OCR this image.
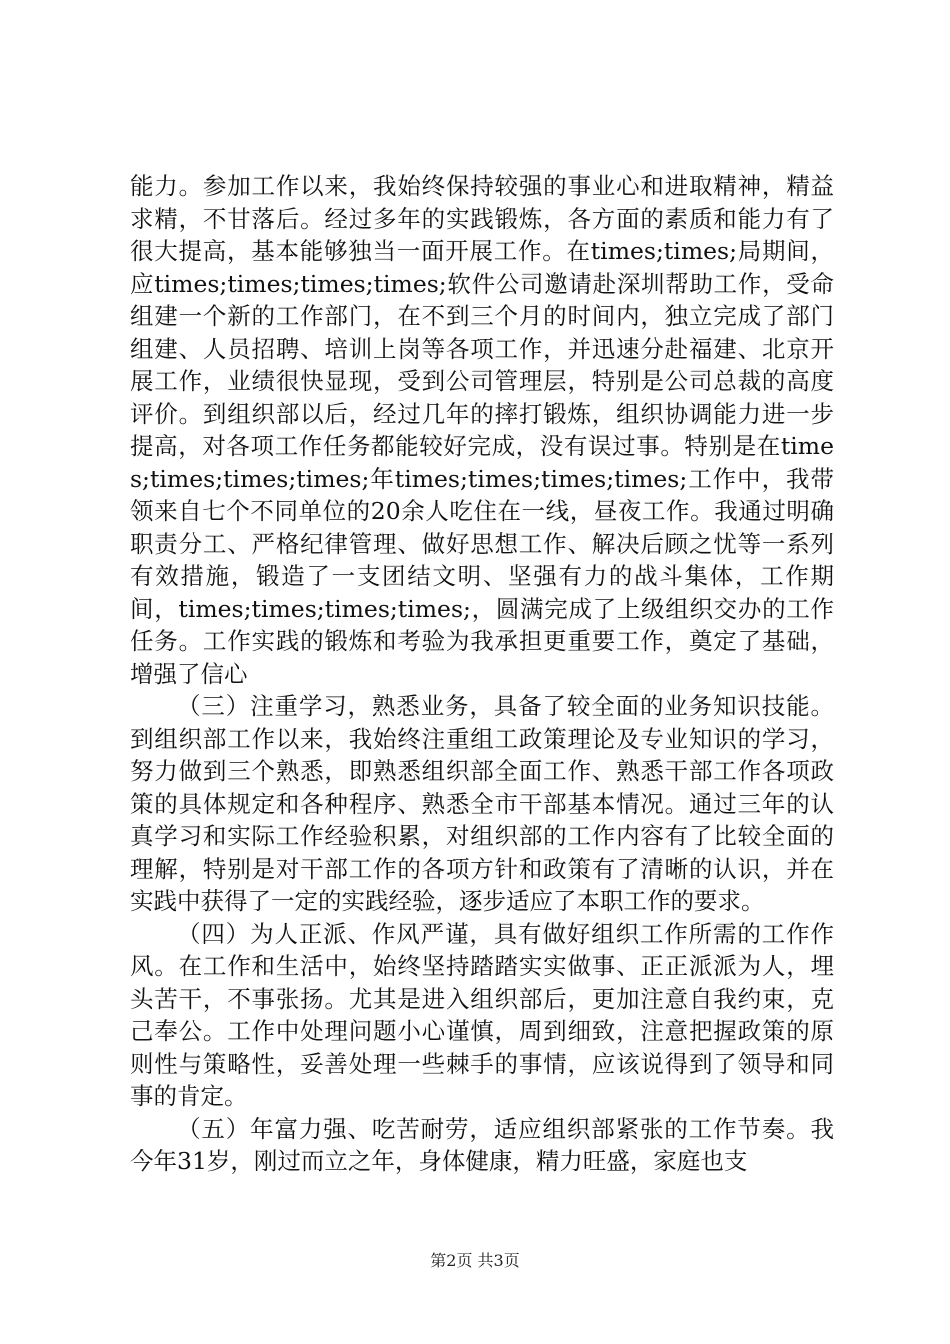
能力。参加工作以来，我始终保持较强的事业心和进取精神，精益求精，不甘落后。经过多年的实践锻炼，各方面的素质和能力有了很大提高，基本能够独当一面开展工作。在times;times;局期间，应times;times;times;times;软件公司邀请赴深圳帮助工作，受命组建一个新的工作部门，在不到三个月的时间内，独立完成了部门组建、人员招聘、培训上岗等各项工作，并迅速分赴福建、北京开展工作，业绩很快显现，受到公司管理层，特别是公司总裁的高度评价。到组织部以后，经过几年的摔打锻炼，组织协调能力进一步提高，对各项工作任务都能较好完成，没有误过事。特别是在times;times;times;times;年times;times;times;times;工作中，我带领来自七个不同单位的20余人吃住在一线，昼夜工作。我通过明确职责分工、严格纪律管理、做好思想工作、解决后顾之忧等一系列有效措施，锻造了一支团结文明、坚强有力的战斗集体，工作期间，times;times;times;times;，圆满完成了上级组织交办的工作任务。工作实践的锻炼和考验为我承担更重要工作，奠定了基础，增强了信心

（三）注重学习，熟悉业务，具备了较全面的业务知识技能。到组织部工作以来，我始终注重组工政策理论及专业知识的学习，努力做到三个熟悉，即熟悉组织部全面工作、熟悉干部工作各项政策的具体规定和各种程序、熟悉全市干部基本情况。通过三年的认真学习和实际工作经验积累，对组织部的工作内容有了比较全面的理解，特别是对干部工作的各项方针和政策有了清晰的认识，并在实践中获得了一定的实践经验，逐步适应了本职工作的要求。

（四）为人正派、作风严谨，具有做好组织工作所需的工作作风。在工作和生活中，始终坚持踏踏实实做事、正正派派为人，埋头苦干，不事张扬。尤其是进入组织部后，更加注意自我约束，克己奉公。工作中处理问题小心谨慎，周到细致，注意把握政策的原则性与策略性，妥善处理一些棘手的事情，应该说得到了领导和同事的肯定。

（五）年富力强、吃苦耐劳，适应组织部紧张的工作节奏。我今年31岁，刚过而立之年，身体健康，精力旺盛，家庭也支

第2页 共3页
